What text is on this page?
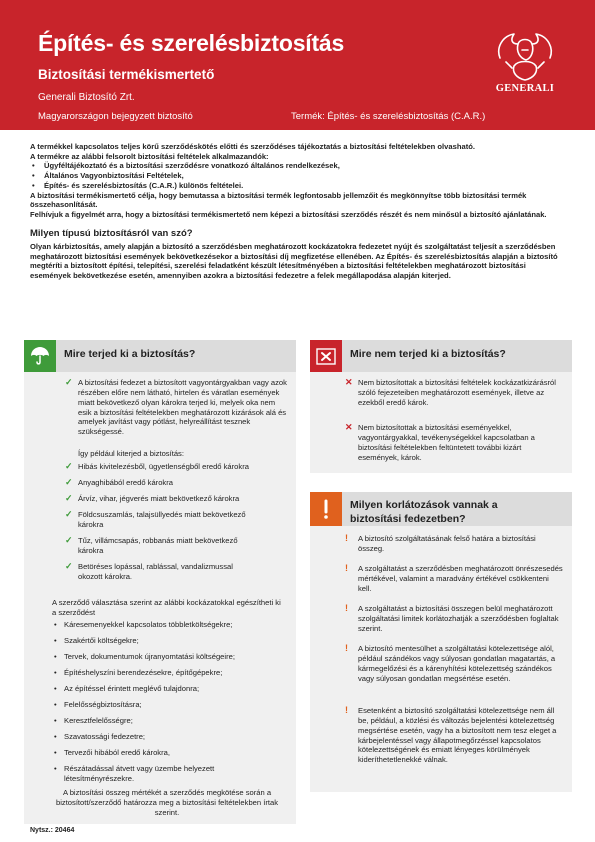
Építés- és szerelésbiztosítás
Biztosítási termékismertető
Generali Biztosító Zrt.
Magyarországon bejegyzett biztosító	Termék: Építés- és szerelésbiztosítás (C.A.R.)
GENERALI

A termékkel kapcsolatos teljes körű szerződéskötés előtti és szerződéses tájékoztatás a biztosítási feltételekben olvasható.

A termékre az alábbi felsorolt biztosítási feltételek alkalmazandók:

• Ügyféltájékoztató és a biztosítási szerződésre vonatkozó általános rendelkezések,
• Általános Vagyonbiztosítási Feltételek,
• Építés- és szerelésbiztosítás (C.A.R.) különös feltételei.

A biztosítási termékismertető célja, hogy bemutassa a biztosítási termék legfontosabb jellemzőit és megkönnyítse több biztosítási termék összehasonlítását.

Felhívjuk a figyelmét arra, hogy a biztosítási termékismertető nem képezi a biztosítási szerződés részét és nem minősül a biztosító ajánlatának.

Milyen típusú biztosításról van szó?

Olyan kárbiztosítás, amely alapján a biztosító a szerződésben meghatározott kockázatokra fedezetet nyújt és szolgáltatást teljesít a szerződésben meghatározott biztosítási események bekövetkezésekor a biztosítási díj megfizetése ellenében. Az Építés- és szerelésbiztosítás alapján a biztosító megtéríti a biztosított építési, telepítési, szerelési feladatként készült létesítményében a biztosítási feltételekben meghatározott biztosítási események bekövetkezése esetén, amennyiben azokra a biztosítási fedezetre a felek megállapodása alapján kiterjed.

Mire terjed ki a biztosítás?
✓ A biztosítási fedezet a biztosított vagyontárgyakban vagy azok részében előre nem látható, hirtelen és váratlan események miatt bekövetkező olyan károkra terjed ki, melyek oka nem esik a biztosítási feltételekben meghatározott kizárások alá és amelyek javítást vagy pótlást, helyreállítást tesznek szükségessé.
Így például kiterjed a biztosítás:
✓ Hibás kivitelezésből, ügyetlenségből eredő károkra
✓ Anyaghibából eredő károkra
✓ Árvíz, vihar, jégverés miatt bekövetkező károkra
✓ Földcsuszamlás, talajsüllyedés miatt bekövetkező károkra
✓ Tűz, villámcsapás, robbanás miatt bekövetkező károkra
✓ Betöréses lopással, rablással, vandalizmussal okozott károkra.
A szerződő választása szerint az alábbi kockázatokkal egészítheti ki a szerződést
• Káresemenyekkel kapcsolatos többletköltségekre;
• Szakértői költségekre;
• Tervek, dokumentumok újranyomtatási költségeire;
• Építéshelyszíni berendezésekre, építőgépekre;
• Az építéssel érintett meglévő tulajdonra;
• Felelősségbiztosításra;
• Keresztfelelősségre;
• Szavatossági fedezetre;
• Tervezői hibából eredő károkra,
• Részátadással átvett vagy üzembe helyezett létesítményrészekre.
A biztosítási összeg mértékét a szerződés megkötése során a biztosított/szerződő határozza meg a biztosítási feltételekben írtak szerint.
Mire nem terjed ki a biztosítás?
✕ Nem biztosítottak a biztosítási feltételek kockázatkizárásról szóló fejezeteiben meghatározott események, illetve az ezekből eredő károk.
✕ Nem biztosítottak a biztosítási eseményekkel, vagyontárgyakkal, tevékenységekkel kapcsolatban a biztosítási feltételekben feltüntetett további kizárt események, károk.
Milyen korlátozások vannak a biztosítási fedezetben?
! A biztosító szolgáltatásának felső határa a biztosítási összeg.
! A szolgáltatást a szerződésben meghatározott önrészesedés mértékével, valamint a maradvány értékével csökkenteni kell.
! A szolgáltatást a biztosítási összegen belül meghatározott szolgáltatási limitek korlátozhatják a szerződésben foglaltak szerint.
! A biztosító mentesülhet a szolgáltatási kötelezettsége alól, például szándékos vagy súlyosan gondatlan magatartás, a kármegelőzési és a kárenyhítési kötelezettség szándékos vagy súlyosan gondatlan megsértése esetén.
! Esetenként a biztosító szolgáltatási kötelezettsége nem áll be, például, a közlési és változás bejelentési kötelezettség megsértése esetén, vagy ha a biztosított nem tesz eleget a kárbejelentéssel vagy állapotmegőrzéssel kapcsolatos kötelezettségének és emiatt lényeges körülmények kideríthetetlenekké válnak.
Nytsz.: 20464
